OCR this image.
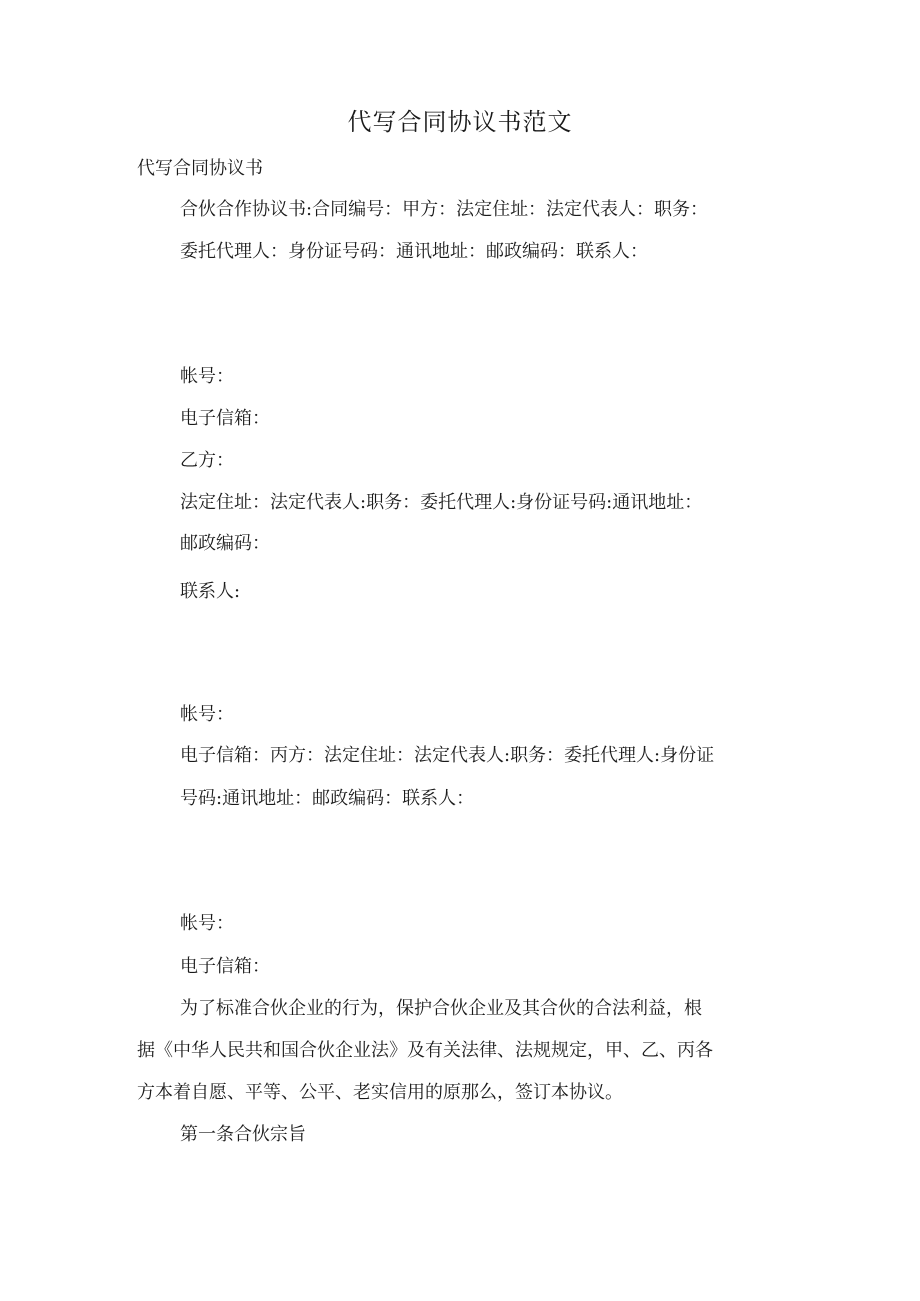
代写合同协议书范文
代写合同协议书
合伙合作协议书:合同编号：甲方：法定住址：法定代表人：职务：
委托代理人：身份证号码：通讯地址：邮政编码：联系人：
帐号：
电子信箱：
乙方：
法定住址：法定代表人:职务：委托代理人:身份证号码:通讯地址：
邮政编码：
联系人:
帐号：
电子信箱：丙方：法定住址：法定代表人:职务：委托代理人:身份证
号码:通讯地址：邮政编码：联系人：
帐号：
电子信箱：
为了标准合伙企业的行为，保护合伙企业及其合伙的合法利益，根
据《中华人民共和国合伙企业法》及有关法律、法规规定，甲、乙、丙各
方本着自愿、平等、公平、老实信用的原那么，签订本协议。
第一条合伙宗旨
